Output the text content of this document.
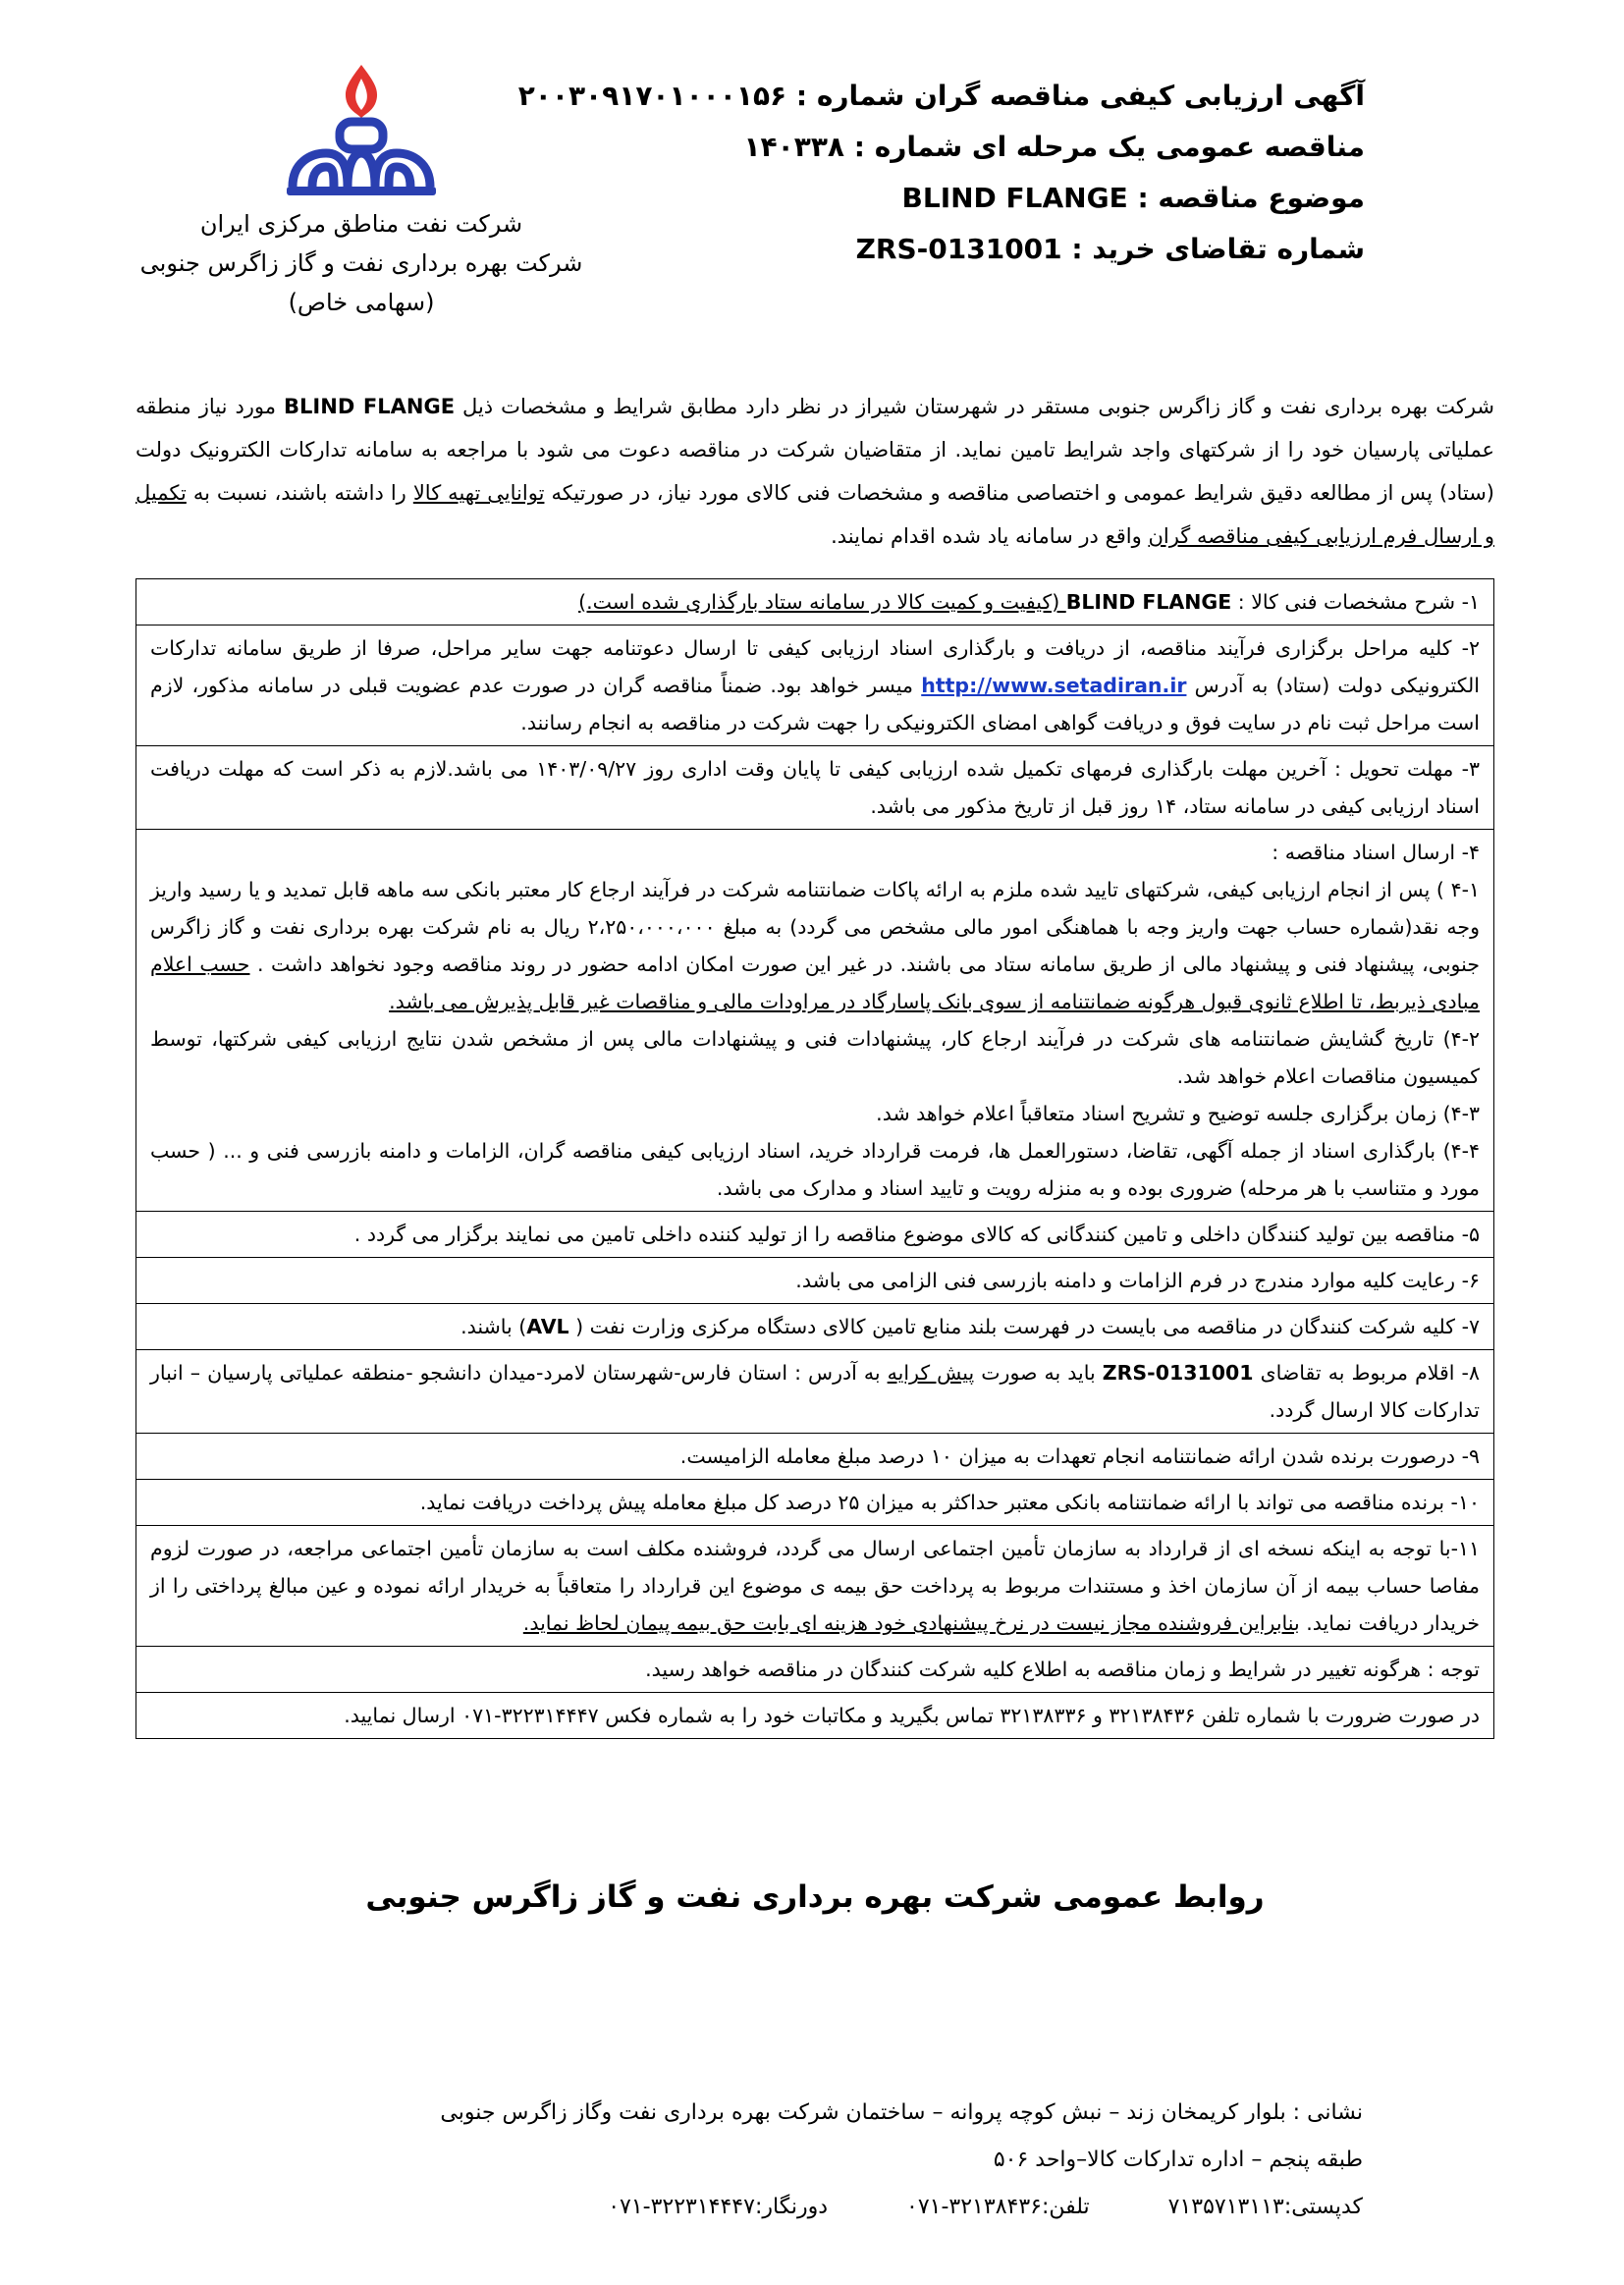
آگهی ارزیابی کیفی مناقصه گران شماره : ۲۰۰۳۰۹۱۷۰۱۰۰۰۱۵۶
مناقصه عمومی یک مرحله ای شماره : ۱۴۰۳۳۸
موضوع مناقصه : BLIND FLANGE
شماره تقاضای خرید : ZRS-0131001
شرکت نفت مناطق مرکزی ایران
شرکت بهره برداری نفت و گاز زاگرس جنوبی
(سهامی خاص)

شرکت بهره برداری نفت و گاز زاگرس جنوبی مستقر در شهرستان شیراز در نظر دارد مطابق شرایط و مشخصات ذیل BLIND FLANGE مورد نیاز منطقه عملیاتی پارسیان خود را از شرکتهای واجد شرایط تامین نماید. از متقاضیان شرکت در مناقصه دعوت می شود با مراجعه به سامانه تدارکات الکترونیک دولت (ستاد) پس از مطالعه دقیق شرایط عمومی و اختصاصی مناقصه و مشخصات فنی کالای مورد نیاز، در صورتیکه توانایی تهیه کالا را داشته باشند، نسبت به تکمیل و ارسال فرم ارزیابی کیفی مناقصه گران واقع در سامانه یاد شده اقدام نمایند.

۱- شرح مشخصات فنی کالا : BLIND FLANGE (کیفیت و کمیت کالا در سامانه ستاد بارگذاری شده است.)
۲- کلیه مراحل برگزاری فرآیند مناقصه، از دریافت و بارگذاری اسناد ارزیابی کیفی تا ارسال دعوتنامه جهت سایر مراحل، صرفا از طریق سامانه تدارکات الکترونیکی دولت (ستاد) به آدرس http://www.setadiran.ir میسر خواهد بود. ضمناً مناقصه گران در صورت عدم عضویت قبلی در سامانه مذکور، لازم است مراحل ثبت نام در سایت فوق و دریافت گواهی امضای الکترونیکی را جهت شرکت در مناقصه به انجام رسانند.
۳- مهلت تحویل : آخرین مهلت بارگذاری فرمهای تکمیل شده ارزیابی کیفی تا پایان وقت اداری روز ۱۴۰۳/۰۹/۲۷ می باشد.لازم به ذکر است که مهلت دریافت اسناد ارزیابی کیفی در سامانه ستاد، ۱۴ روز قبل از تاریخ مذکور می باشد.

۴- ارسال اسناد مناقصه :

۴-۱ ) پس از انجام ارزیابی کیفی، شرکتهای تایید شده ملزم به ارائه پاکات ضمانتنامه شرکت در فرآیند ارجاع کار معتبر بانکی سه ماهه قابل تمدید و یا رسید واریز وجه نقد(شماره حساب جهت واریز وجه با هماهنگی امور مالی مشخص می گردد) به مبلغ ۲،۲۵۰،۰۰۰،۰۰۰ ریال به نام شرکت بهره برداری نفت و گاز زاگرس جنوبی، پیشنهاد فنی و پیشنهاد مالی از طریق سامانه ستاد می باشند. در غیر این صورت امکان ادامه حضور در روند مناقصه وجود نخواهد داشت . حسب اعلام مبادی ذیربط، تا اطلاع ثانوی قبول هرگونه ضمانتنامه از سوی بانک پاسارگاد در مراودات مالی و مناقصات غیر قابل پذیرش می باشد.

۴-۲) تاریخ گشایش ضمانتنامه های شرکت در فرآیند ارجاع کار، پیشنهادات فنی و پیشنهادات مالی پس از مشخص شدن نتایج ارزیابی کیفی شرکتها، توسط کمیسیون مناقصات اعلام خواهد شد.

۴-۳) زمان برگزاری جلسه توضیح و تشریح اسناد متعاقباً اعلام خواهد شد.

۴-۴) بارگذاری اسناد از جمله آگهی، تقاضا، دستورالعمل ها، فرمت قرارداد خرید، اسناد ارزیابی کیفی مناقصه گران، الزامات و دامنه بازرسی فنی و ... ( حسب مورد و متناسب با هر مرحله) ضروری بوده و به منزله رویت و تایید اسناد و مدارک می باشد.

۵- مناقصه بین تولید کنندگان داخلی و تامین کنندگانی که کالای موضوع مناقصه را از تولید کننده داخلی تامین می نمایند برگزار می گردد .
۶- رعایت کلیه موارد مندرج در فرم الزامات و دامنه بازرسی فنی الزامی می باشد.
۷- کلیه شرکت کنندگان در مناقصه می بایست در فهرست بلند منابع تامین کالای دستگاه مرکزی وزارت نفت ( AVL) باشند.
۸- اقلام مربوط به تقاضای ZRS-0131001 باید به صورت پیش کرایه به آدرس : استان فارس-شهرستان لامرد-میدان دانشجو -منطقه عملیاتی پارسیان – انبار تدارکات کالا ارسال گردد.
۹- درصورت برنده شدن ارائه ضمانتنامه انجام تعهدات به میزان ۱۰ درصد مبلغ معامله الزامیست.
۱۰- برنده مناقصه می تواند با ارائه ضمانتنامه بانکی معتبر حداکثر به میزان ۲۵ درصد کل مبلغ معامله پیش پرداخت دریافت نماید.
۱۱-با توجه به اینکه نسخه ای از قرارداد به سازمان تأمین اجتماعی ارسال می گردد، فروشنده مکلف است به سازمان تأمین اجتماعی مراجعه، در صورت لزوم مفاصا حساب بیمه از آن سازمان اخذ و مستندات مربوط به پرداخت حق بیمه ی موضوع این قرارداد را متعاقباً به خریدار ارائه نموده و عین مبالغ پرداختی را از خریدار دریافت نماید. بنابراین فروشنده مجاز نیست در نرخ پیشنهادی خود هزینه ای بابت حق بیمه پیمان لحاظ نماید.
توجه : هرگونه تغییر در شرایط و زمان مناقصه به اطلاع کلیه شرکت کنندگان در مناقصه خواهد رسید.
در صورت ضرورت با شماره تلفن ۳۲۱۳۸۴۳۶ و ۳۲۱۳۸۳۳۶ تماس بگیرید و مکاتبات خود را به شماره فکس ۳۲۲۳۱۴۴۴۷-۰۷۱ ارسال نمایید.
روابط عمومی شرکت بهره برداری نفت و گاز زاگرس جنوبی
نشانی : بلوار کریمخان زند – نبش کوچه پروانه – ساختمان شرکت بهره برداری نفت وگاز زاگرس جنوبی
طبقه پنجم – اداره تدارکات کالا–واحد ۵۰۶
کدپستی:۷۱۳۵۷۱۳۱۱۳تلفن:۳۲۱۳۸۴۳۶-۰۷۱دورنگار:۳۲۲۳۱۴۴۴۷-۰۷۱
